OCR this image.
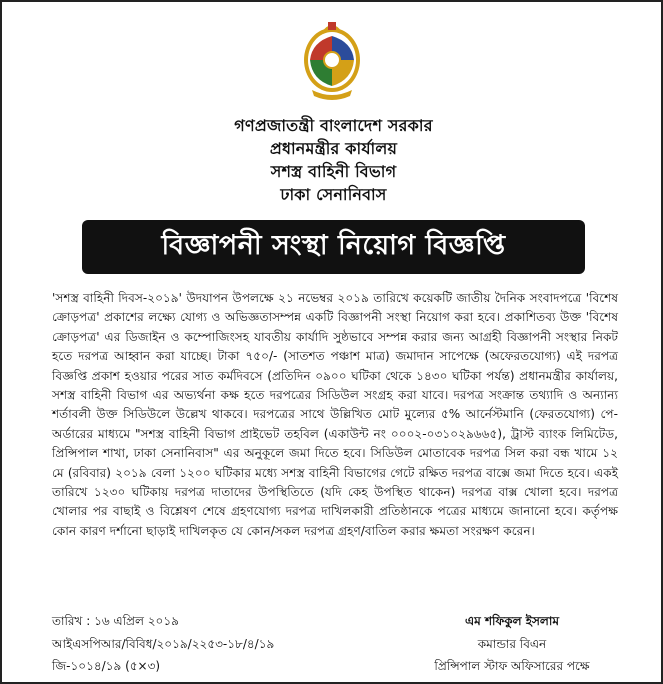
গণপ্রজাতন্ত্রী বাংলাদেশ সরকার
প্রধানমন্ত্রীর কার্যালয়
সশস্ত্র বাহিনী বিভাগ
ঢাকা সেনানিবাস
বিজ্ঞাপনী সংস্থা নিয়োগ বিজ্ঞপ্তি
'সশস্ত্র বাহিনী দিবস-২০১৯' উদযাপন উপলক্ষে ২১ নভেম্বর ২০১৯ তারিখে কয়েকটি জাতীয় দৈনিক সংবাদপত্রে 'বিশেষ ক্রোড়পত্র' প্রকাশের লক্ষ্যে যোগ্য ও অভিজ্ঞতাসম্পন্ন একটি বিজ্ঞাপনী সংস্থা নিয়োগ করা হবে। প্রকাশিতব্য উক্ত 'বিশেষ ক্রোড়পত্র' এর ডিজাইন ও কম্পোজিংসহ যাবতীয় কার্যাদি সুষ্ঠভাবে সম্পন্ন করার জন্য আগ্রহী বিজ্ঞাপনী সংস্থার নিকট হতে দরপত্র আহ্বান করা যাচ্ছে। টাকা ৭৫০/- (সাতশত পঞ্চাশ মাত্র) জমাদান সাপেক্ষে (অফেরতযোগ্য) এই দরপত্র বিজ্ঞপ্তি প্রকাশ হওয়ার পরের সাত কর্মদিবসে (প্রতিদিন ০৯০০ ঘটিকা থেকে ১৪৩০ ঘটিকা পর্যন্ত) প্রধানমন্ত্রীর কার্যালয়, সশস্ত্র বাহিনী বিভাগ এর অভ্যর্থনা কক্ষ হতে দরপত্রের সিডিউল সংগ্রহ করা যাবে। দরপত্র সংক্রান্ত তথ্যাদি ও অন্যান্য শর্তাবলী উক্ত সিডিউলে উল্লেখ থাকবে। দরপত্রের সাথে উল্লিখিত মোট মুল্যের ৫% আর্নেস্টমানি (ফেরতযোগ্য) পে-অর্ডারের মাধ্যমে "সশস্ত্র বাহিনী বিভাগ প্রাইভেট তহবিল (একাউন্ট নং ০০০২-০৩১০২৯৬৬৫), ট্রাস্ট ব্যাংক লিমিটেড, প্রিন্সিপাল শাখা, ঢাকা সেনানিবাস" এর অনুকূলে জমা দিতে হবে। সিডিউল মোতাবেক দরপত্র সিল করা বন্ধ খামে ১২ মে (রবিবার) ২০১৯ বেলা ১২০০ ঘটিকার মধ্যে সশস্ত্র বাহিনী বিভাগের গেটে রক্ষিত দরপত্র বাক্সে জমা দিতে হবে। একই তারিখে ১২৩০ ঘটিকায় দরপত্র দাতাদের উপস্থিতিতে (যদি কেহ উপস্থিত থাকেন) দরপত্র বাক্স খোলা হবে। দরপত্র খোলার পর বাছাই ও বিশ্লেষণ শেষে গ্রহণযোগ্য দরপত্র দাখিলকারী প্রতিষ্ঠানকে পত্রের মাধ্যমে জানানো হবে। কর্তৃপক্ষ কোন কারণ দর্শানো ছাড়াই দাখিলকৃত যে কোন/সকল দরপত্র গ্রহণ/বাতিল করার ক্ষমতা সংরক্ষণ করেন।
তারিখ : ১৬ এপ্রিল ২০১৯
আইএসপিআর/বিবিধ/২০১৯/২২৫৩-১৮/৪/১৯
জি-১০১৪/১৯ (৫×৩)
এম শফিকুল ইসলাম
কমান্ডার বিএন
প্রিন্সিপাল স্টাফ অফিসারের পক্ষে
